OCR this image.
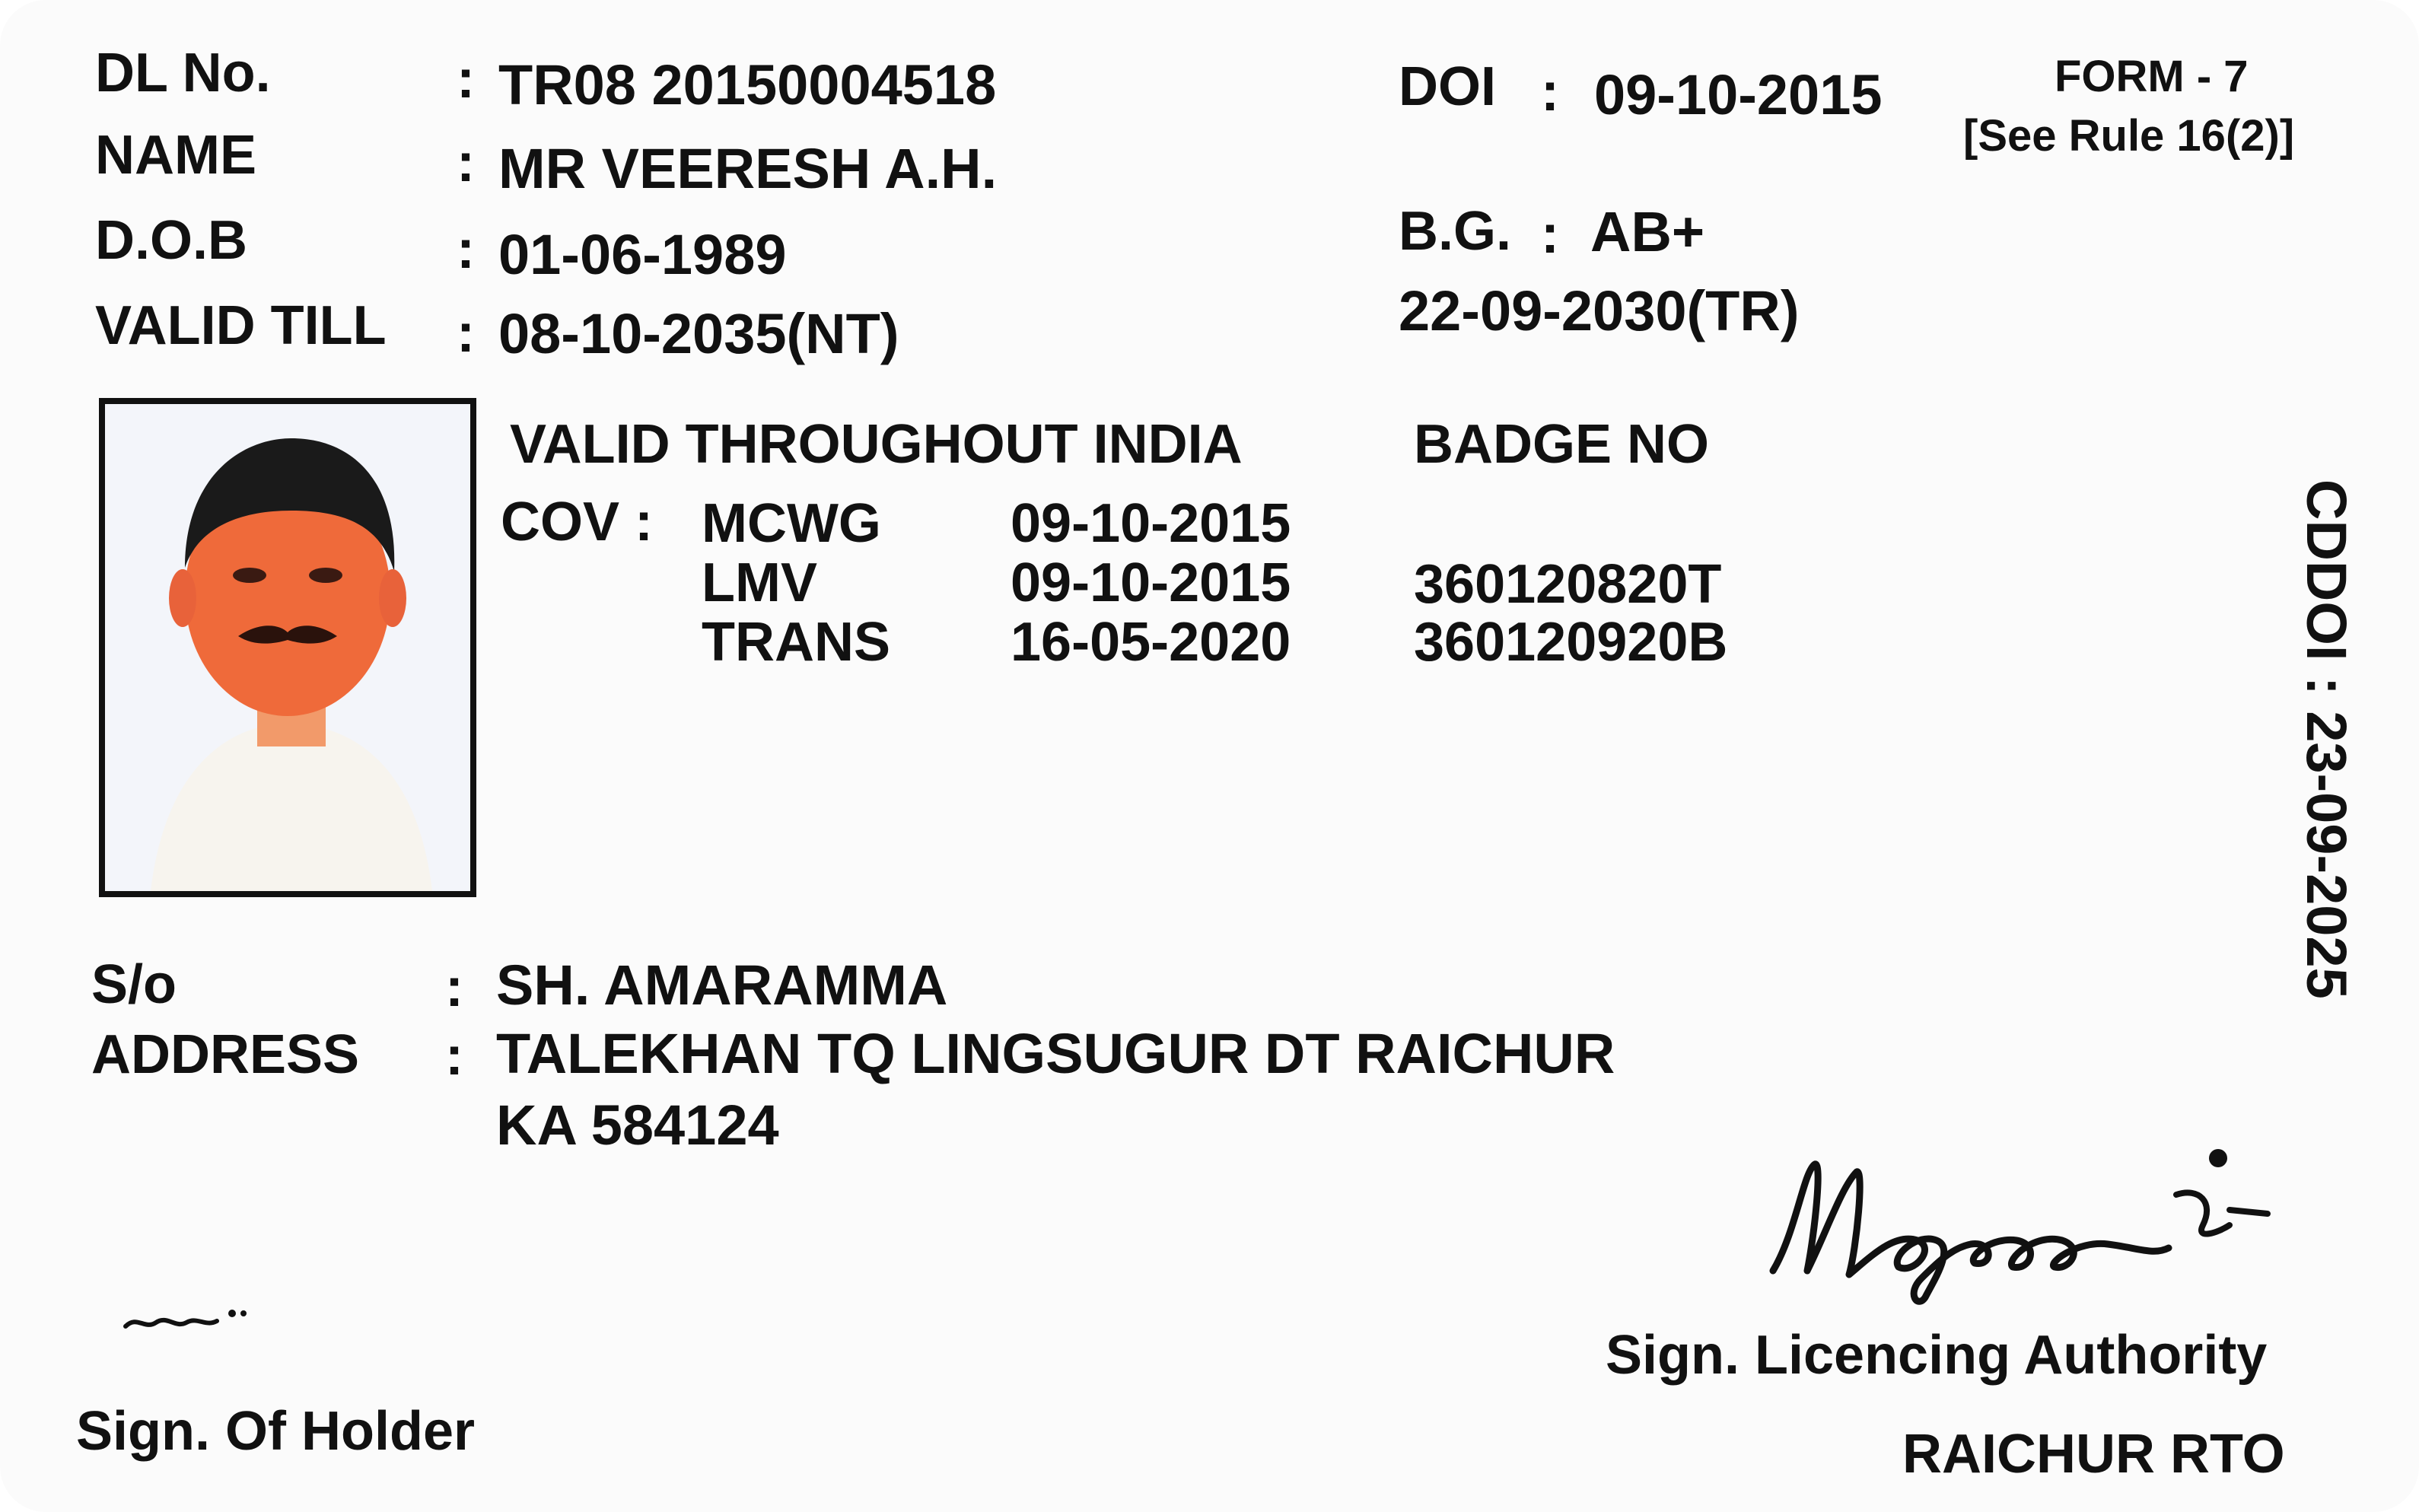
DL No.	: TR08 20150004518
NAME	: MR VEERESH A.H.
D.O.B	: 01-06-1989
VALID TILL : 08-10-2035(NT)
DOI : 09-10-2015	FORM - 7
[See Rule 16(2)]
B.G. : AB+
22-09-2030(TR)
VALID THROUGHOUT INDIA	BADGE NO
COV : MCWG 09-10-2015
LMV	09-10-2015 360120820T
TRANS 16-05-2020 360120920B	CDDOI : 23-09-2025
S/o	: SH. AMARAMMA
ADDRESS : TALEKHAN TQ LINGSUGUR DT RAICHUR
KA 584124
Sign. Of Holder
Sign. Licencing Authority
RAICHUR RTO
